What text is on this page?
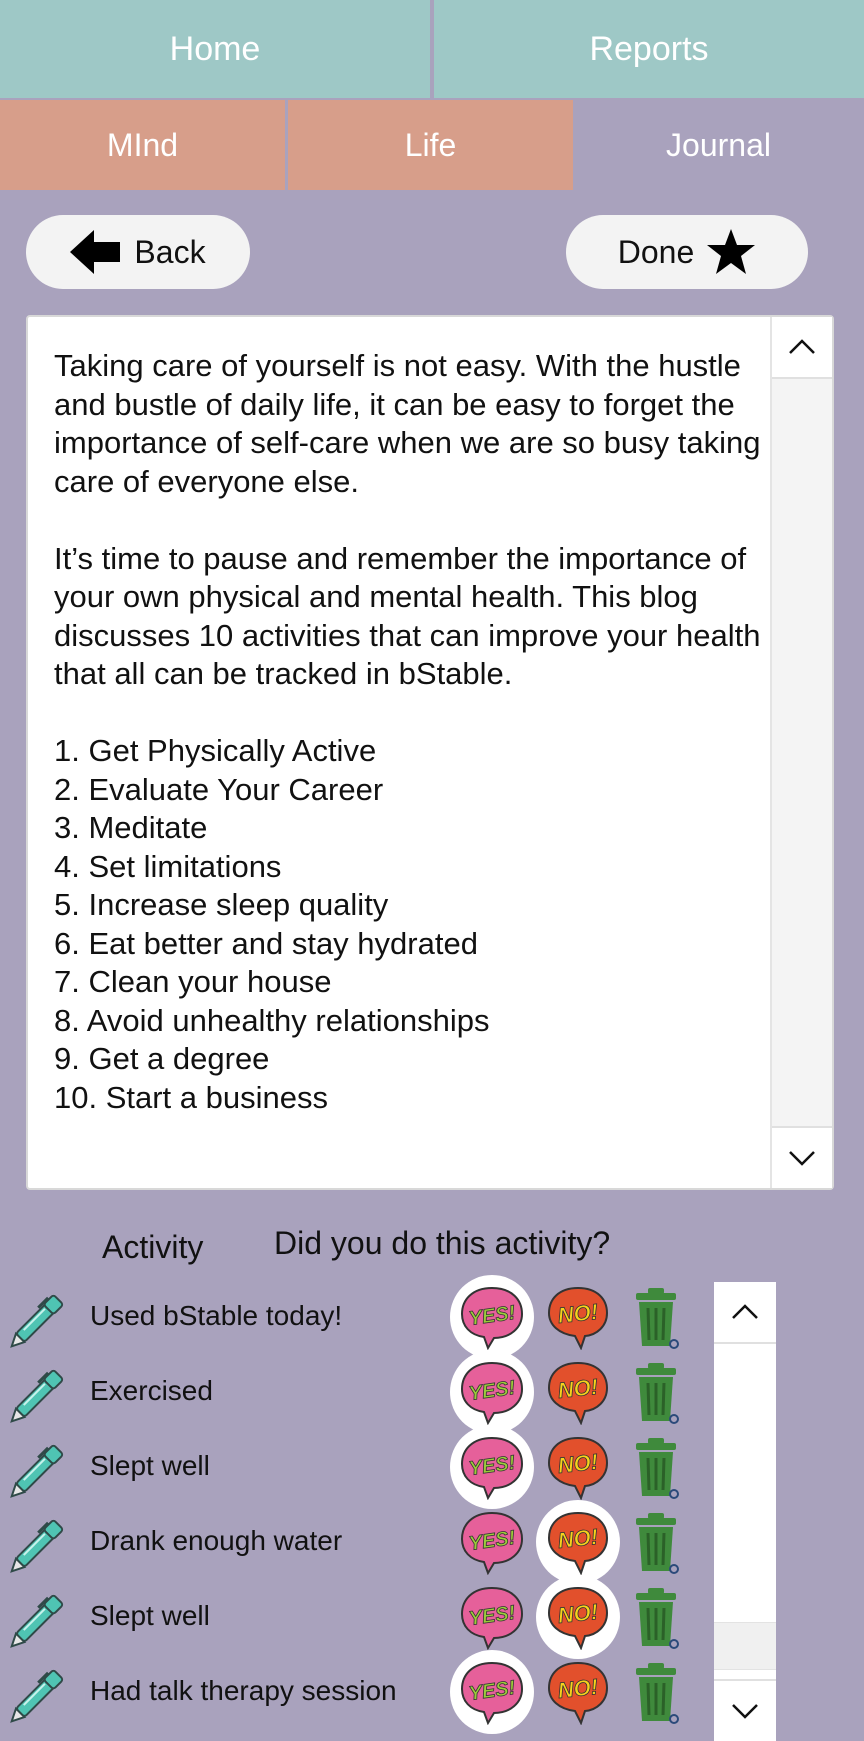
Home	Reports
MInd	Life	Journal
Back	Done

Taking care of yourself is not easy. With the hustle and bustle of daily life, it can be easy to forget the importance of self-care when we are so busy taking care of everyone else.

It’s time to pause and remember the importance of your own physical and mental health. This blog discusses 10 activities that can improve your health that all can be tracked in bStable.

1. Get Physically Active
2. Evaluate Your Career
3. Meditate
4. Set limitations
5. Increase sleep quality
6. Eat better and stay hydrated
7. Clean your house
8. Avoid unhealthy relationships
9. Get a degree
10. Start a business
Activity Did you do this activity?
Used bStable today!	YES! NO!
Exercised	YES! NO!
Slept well	YES! NO!
Drank enough water	YES! NO!
Slept well	YES! NO!
Had talk therapy session	YES! NO!
